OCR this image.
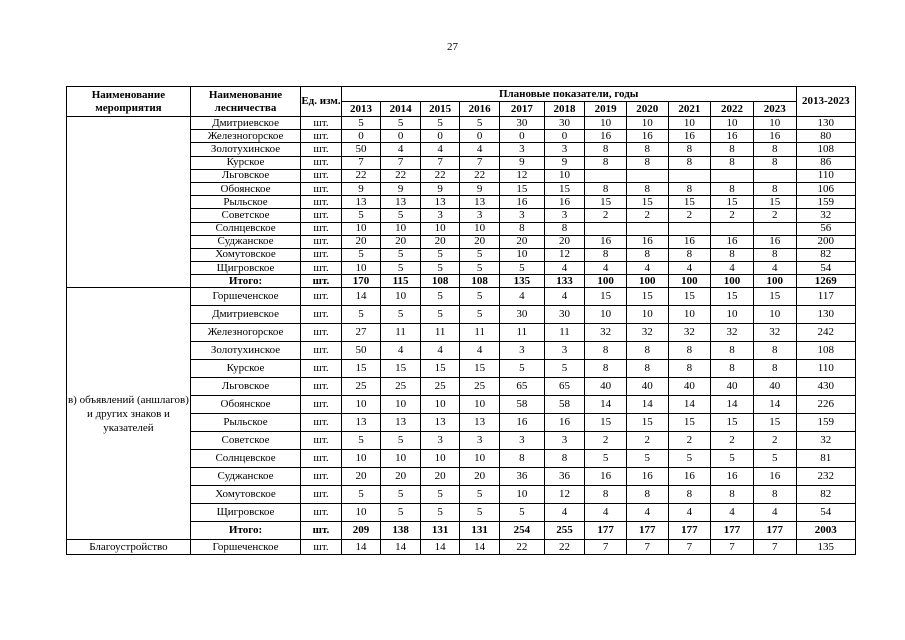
27
Наименование мероприятия	Наименование лесничества	Ед. изм.	Плановые показатели, годы											2013-2023
			2013	2014	2015	2016	2017	2018	2019	2020	2021	2022	2023	
	Дмитриевское	шт.	5	5	5	5	30	30	10	10	10	10	10	130
	Железногорское	шт.	0	0	0	0	0	0	16	16	16	16	16	80
	Золотухинское	шт.	50	4	4	4	3	3	8	8	8	8	8	108
	Курское	шт.	7	7	7	7	9	9	8	8	8	8	8	86
	Льговское	шт.	22	22	22	22	12	10						110
	Обоянское	шт.	9	9	9	9	15	15	8	8	8	8	8	106
	Рыльское	шт.	13	13	13	13	16	16	15	15	15	15	15	159
	Советское	шт.	5	5	3	3	3	3	2	2	2	2	2	32
	Солнцевское	шт.	10	10	10	10	8	8						56
	Суджанское	шт.	20	20	20	20	20	20	16	16	16	16	16	200
	Хомутовское	шт.	5	5	5	5	10	12	8	8	8	8	8	82
	Щигровское	шт.	10	5	5	5	5	4	4	4	4	4	4	54
	Итого:	шт.	170	115	108	108	135	133	100	100	100	100	100	1269
в) объявлений (аншлагов) и других знаков и указателей	Горшеченское	шт.	14	10	5	5	4	4	15	15	15	15	15	117
	Дмитриевское	шт.	5	5	5	5	30	30	10	10	10	10	10	130
	Железногорское	шт.	27	11	11	11	11	11	32	32	32	32	32	242
	Золотухинское	шт.	50	4	4	4	3	3	8	8	8	8	8	108
	Курское	шт.	15	15	15	15	5	5	8	8	8	8	8	110
	Льговское	шт.	25	25	25	25	65	65	40	40	40	40	40	430
	Обоянское	шт.	10	10	10	10	58	58	14	14	14	14	14	226
	Рыльское	шт.	13	13	13	13	16	16	15	15	15	15	15	159
	Советское	шт.	5	5	3	3	3	3	2	2	2	2	2	32
	Солнцевское	шт.	10	10	10	10	8	8	5	5	5	5	5	81
	Суджанское	шт.	20	20	20	20	36	36	16	16	16	16	16	232
	Хомутовское	шт.	5	5	5	5	10	12	8	8	8	8	8	82
	Щигровское	шт.	10	5	5	5	5	4	4	4	4	4	4	54
	Итого:	шт.	209	138	131	131	254	255	177	177	177	177	177	2003
Благоустройство	Горшеченское	шт.	14	14	14	14	22	22	7	7	7	7	7	135
